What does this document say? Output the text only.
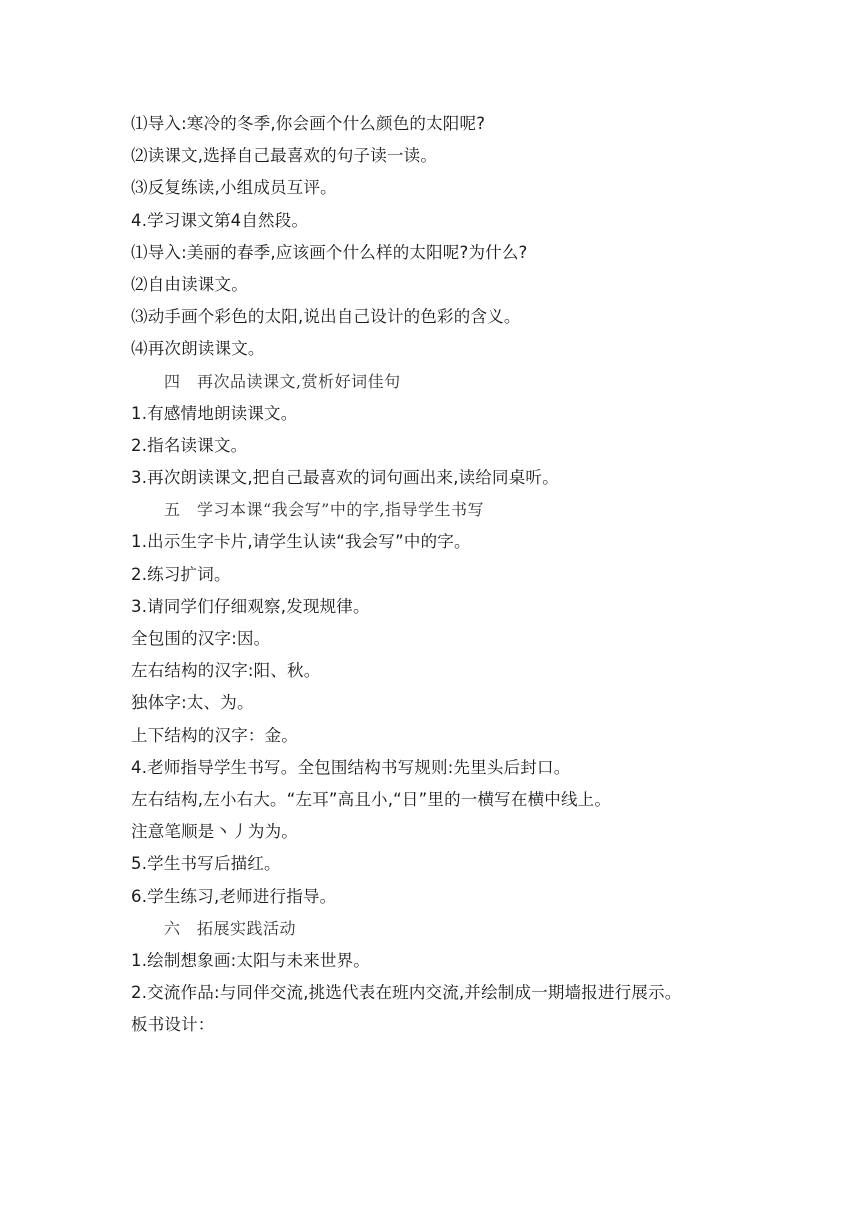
⑴导入:寒冷的冬季,你会画个什么颜色的太阳呢?
⑵读课文,选择自己最喜欢的句子读一读。
⑶反复练读,小组成员互评。
4.学习课文第4自然段。
⑴导入:美丽的春季,应该画个什么样的太阳呢?为什么?
⑵自由读课文。
⑶动手画个彩色的太阳,说出自己设计的色彩的含义。
⑷再次朗读课文。
四　再次品读课文,赏析好词佳句
1.有感情地朗读课文。
2.指名读课文。
3.再次朗读课文,把自己最喜欢的词句画出来,读给同桌听。
五　学习本课“我会写”中的字,指导学生书写
1.出示生字卡片,请学生认读“我会写”中的字。
2.练习扩词。
3.请同学们仔细观察,发现规律。
全包围的汉字:因。
左右结构的汉字:阳、秋。
独体字:太、为。
上下结构的汉字：金。
4.老师指导学生书写。全包围结构书写规则:先里头后封口。
左右结构,左小右大。“左耳”高且小,“日”里的一横写在横中线上。
注意笔顺是丶丿为为。
5.学生书写后描红。
6.学生练习,老师进行指导。
六　拓展实践活动
1.绘制想象画:太阳与未来世界。
2.交流作品:与同伴交流,挑选代表在班内交流,并绘制成一期墙报进行展示。
板书设计：
